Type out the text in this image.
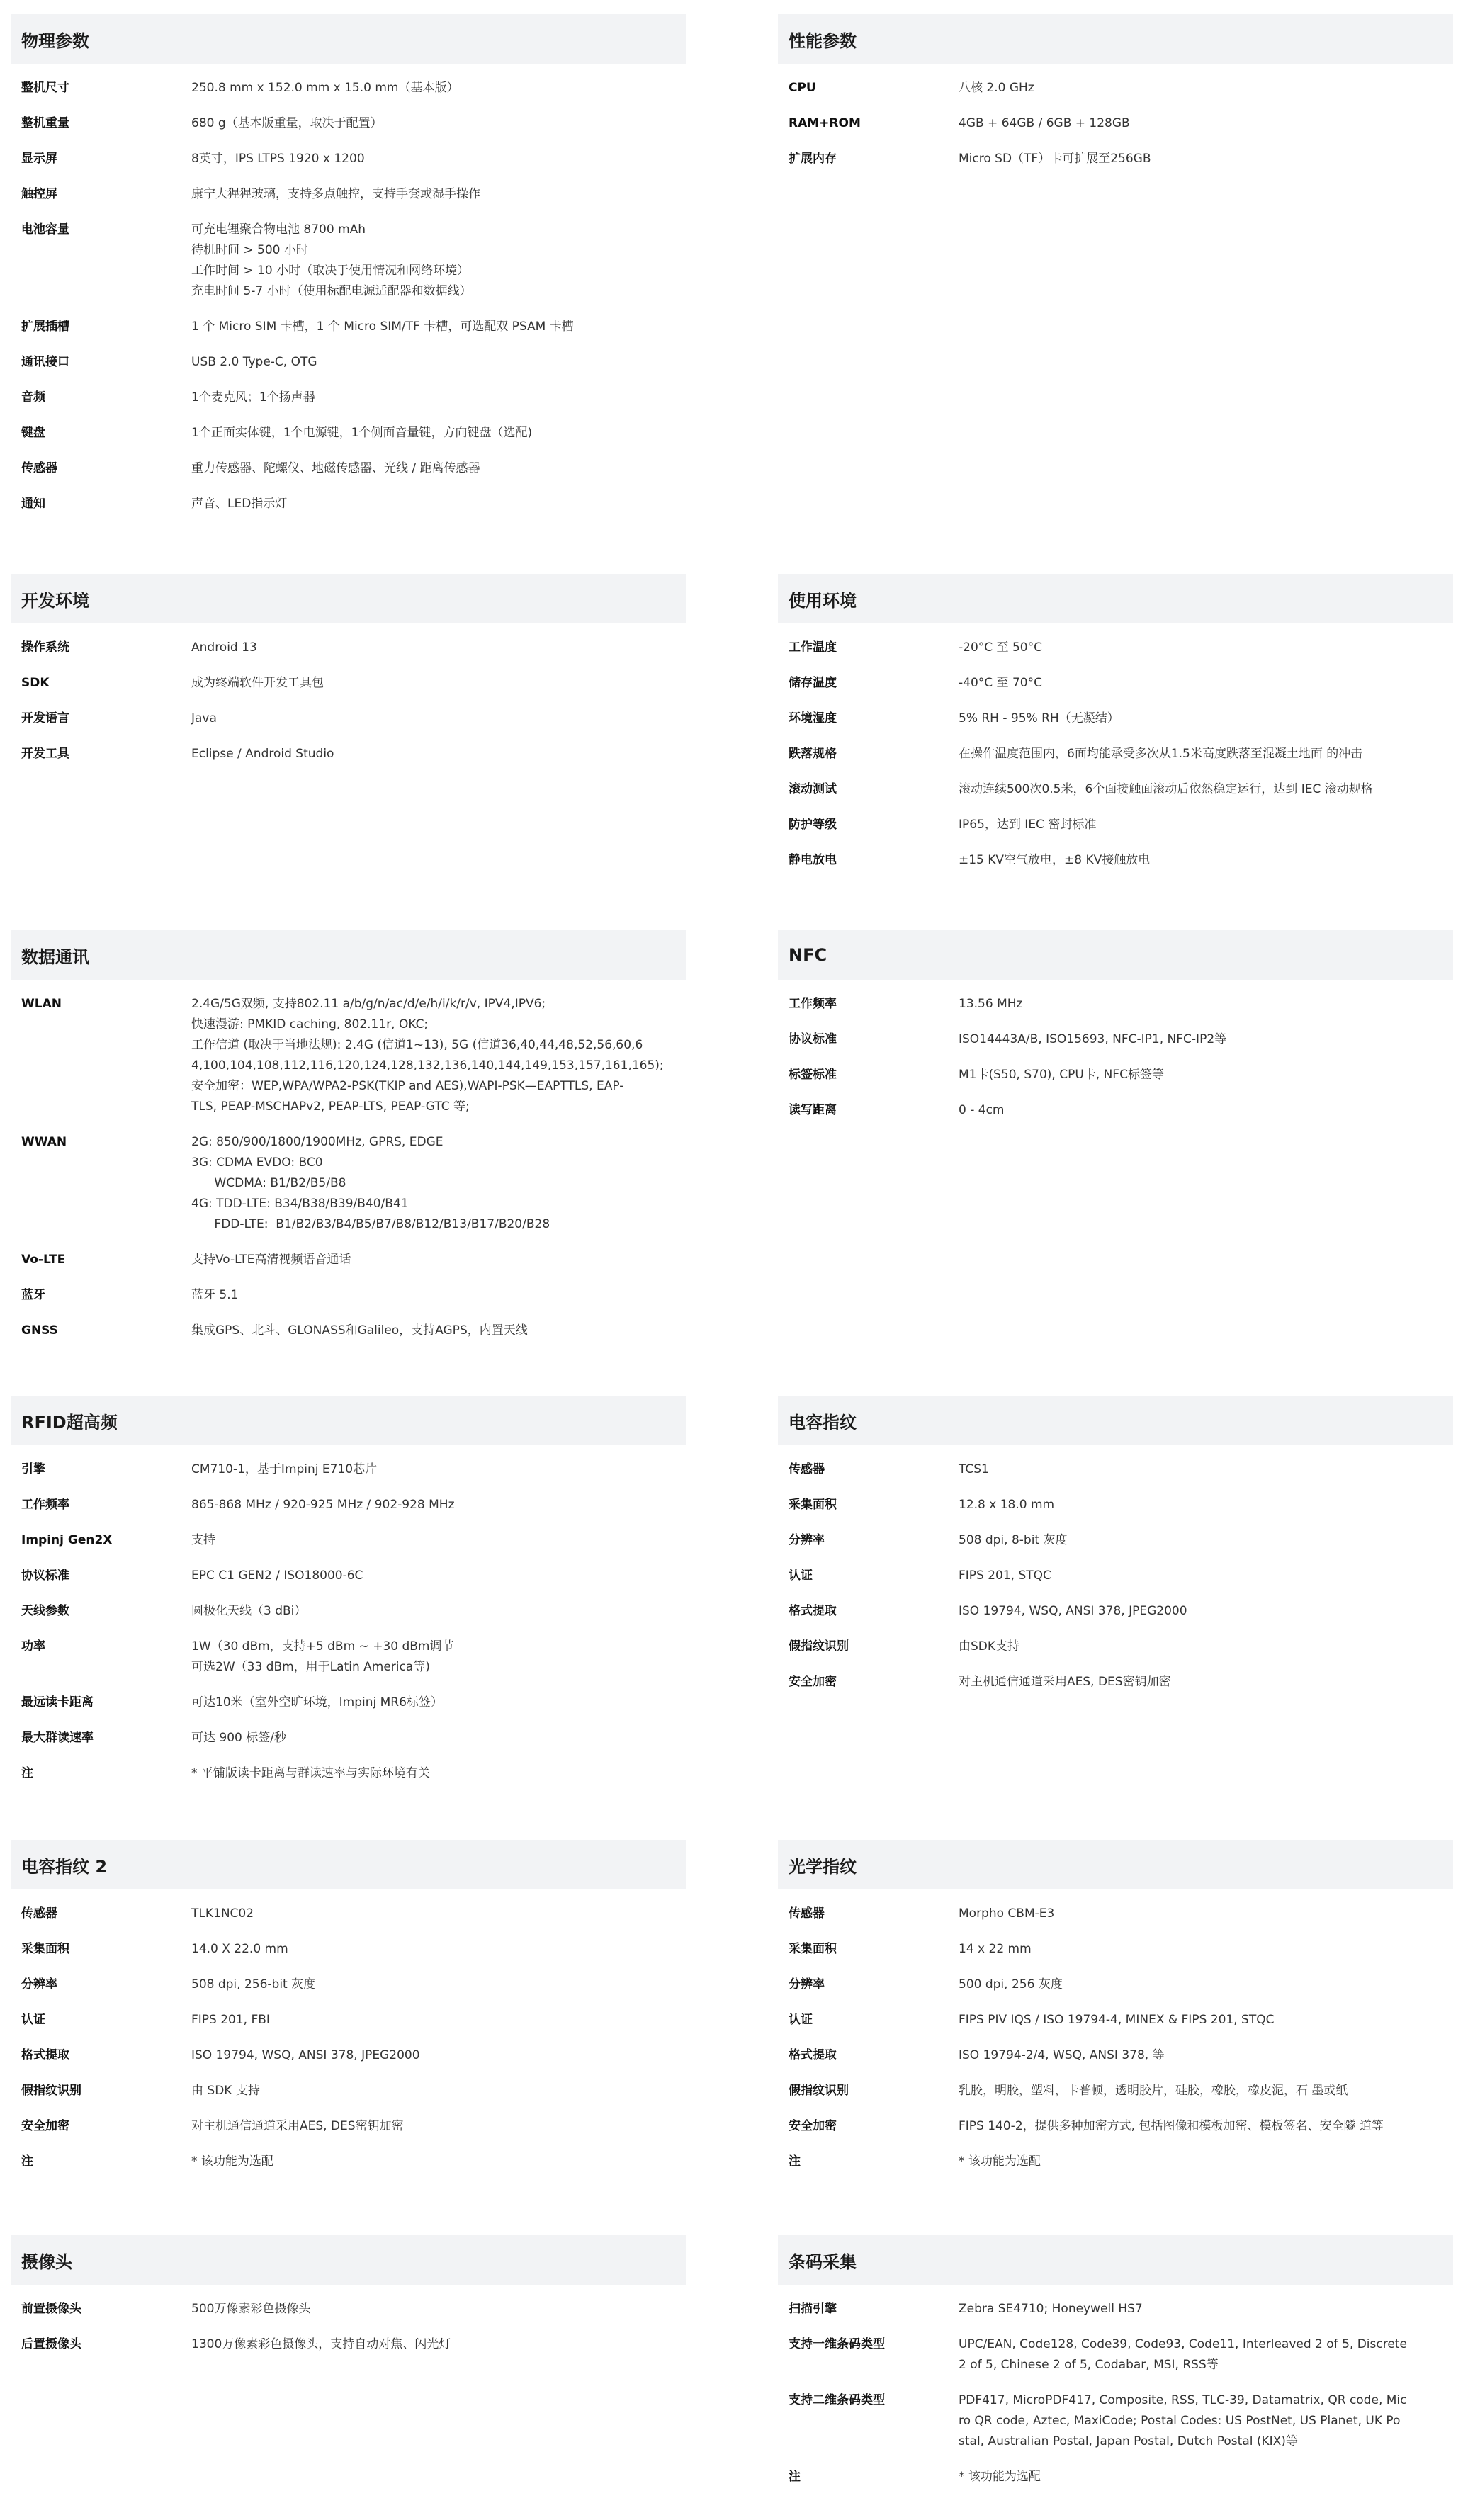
物理参数
整机尺寸	250.8 mm x 152.0 mm x 15.0 mm（基本版）
整机重量	680 g（基本版重量，取决于配置）
显示屏	8英寸，IPS LTPS 1920 x 1200
触控屏	康宁大猩猩玻璃，支持多点触控，支持手套或湿手操作
电池容量	可充电锂聚合物电池 8700 mAh
待机时间 > 500 小时
工作时间 > 10 小时（取决于使用情况和网络环境）
充电时间 5-7 小时（使用标配电源适配器和数据线）
扩展插槽	1 个 Micro SIM 卡槽，1 个 Micro SIM/TF 卡槽，可选配双 PSAM 卡槽
通讯接口	USB 2.0 Type-C, OTG
音频	1个麦克风；1个扬声器
键盘	1个正面实体键，1个电源键，1个侧面音量键，方向键盘（选配)
传感器	重力传感器、陀螺仪、地磁传感器、光线 / 距离传感器
通知	声音、LED指示灯
性能参数
CPU	八核 2.0 GHz
RAM+ROM	4GB + 64GB / 6GB + 128GB
扩展内存	Micro SD（TF）卡可扩展至256GB
开发环境
操作系统	Android 13
SDK	成为终端软件开发工具包
开发语言	Java
开发工具	Eclipse / Android Studio
使用环境
工作温度	-20°C 至 50°C
储存温度	-40°C 至 70°C
环境湿度	5% RH - 95% RH（无凝结）
跌落规格	在操作温度范围内，6面均能承受多次从1.5米高度跌落至混凝土地面 的冲击
滚动测试	滚动连续500次0.5米，6个面接触面滚动后依然稳定运行，达到 IEC 滚动规格
防护等级	IP65，达到 IEC 密封标准
静电放电	±15 KV空气放电，±8 KV接触放电
数据通讯
WLAN	2.4G/5G双频, 支持802.11 a/b/g/n/ac/d/e/h/i/k/r/v, IPV4,IPV6;
快速漫游: PMKID caching, 802.11r, OKC;
工作信道 (取决于当地法规): 2.4G (信道1~13), 5G (信道36,40,44,48,52,56,60,6
4,100,104,108,112,116,120,124,128,132,136,140,144,149,153,157,161,165);
安全加密：WEP,WPA/WPA2-PSK(TKIP and AES),WAPI-PSK—EAPTTLS, EAP-
TLS, PEAP-MSCHAPv2, PEAP-LTS, PEAP-GTC 等;
WWAN	2G: 850/900/1800/1900MHz, GPRS, EDGE
3G: CDMA EVDO: BC0
WCDMA: B1/B2/B5/B8
4G: TDD-LTE: B34/B38/B39/B40/B41
FDD-LTE:  B1/B2/B3/B4/B5/B7/B8/B12/B13/B17/B20/B28
Vo-LTE	支持Vo-LTE高清视频语音通话
蓝牙	蓝牙 5.1
GNSS	集成GPS、北斗、GLONASS和Galileo，支持AGPS，内置天线
NFC
工作频率	13.56 MHz
协议标准	ISO14443A/B, ISO15693, NFC-IP1, NFC-IP2等
标签标准	M1卡(S50, S70), CPU卡, NFC标签等
读写距离	0 - 4cm
RFID超高频
引擎	CM710-1，基于Impinj E710芯片
工作频率	865-868 MHz / 920-925 MHz / 902-928 MHz
Impinj Gen2X	支持
协议标准	EPC C1 GEN2 / ISO18000-6C
天线参数	圆极化天线（3 dBi）
功率	1W（30 dBm，支持+5 dBm ~ +30 dBm调节
可选2W（33 dBm，用于Latin America等)
最远读卡距离	可达10米（室外空旷环境，Impinj MR6标签）
最大群读速率	可达 900 标签/秒
注	* 平铺版读卡距离与群读速率与实际环境有关
电容指纹
传感器	TCS1
采集面积	12.8 x 18.0 mm
分辨率	508 dpi, 8-bit 灰度
认证	FIPS 201, STQC
格式提取	ISO 19794, WSQ, ANSI 378, JPEG2000
假指纹识别	由SDK支持
安全加密	对主机通信通道采用AES, DES密钥加密
电容指纹 2
传感器	TLK1NC02
采集面积	14.0 X 22.0 mm
分辨率	508 dpi, 256-bit 灰度
认证	FIPS 201, FBI
格式提取	ISO 19794, WSQ, ANSI 378, JPEG2000
假指纹识别	由 SDK 支持
安全加密	对主机通信通道采用AES, DES密钥加密
注	* 该功能为选配
光学指纹
传感器	Morpho CBM-E3
采集面积	14 x 22 mm
分辨率	500 dpi, 256 灰度
认证	FIPS PIV IQS / ISO 19794-4, MINEX & FIPS 201, STQC
格式提取	ISO 19794-2/4, WSQ, ANSI 378, 等
假指纹识别	乳胶，明胶，塑料，卡普顿，透明胶片，硅胶，橡胶，橡皮泥，石 墨或纸
安全加密	FIPS 140-2，提供多种加密方式, 包括图像和模板加密、模板签名、安全隧 道等
注	* 该功能为选配
摄像头
前置摄像头	500万像素彩色摄像头
后置摄像头	1300万像素彩色摄像头，支持自动对焦、闪光灯
条码采集
扫描引擎	Zebra SE4710; Honeywell HS7
支持一维条码类型	UPC/EAN, Code128, Code39, Code93, Code11, Interleaved 2 of 5, Discrete
2 of 5, Chinese 2 of 5, Codabar, MSI, RSS等
支持二维条码类型	PDF417, MicroPDF417, Composite, RSS, TLC-39, Datamatrix, QR code, Mic
ro QR code, Aztec, MaxiCode; Postal Codes: US PostNet, US Planet, UK Po
stal, Australian Postal, Japan Postal, Dutch Postal (KIX)等
注	* 该功能为选配
